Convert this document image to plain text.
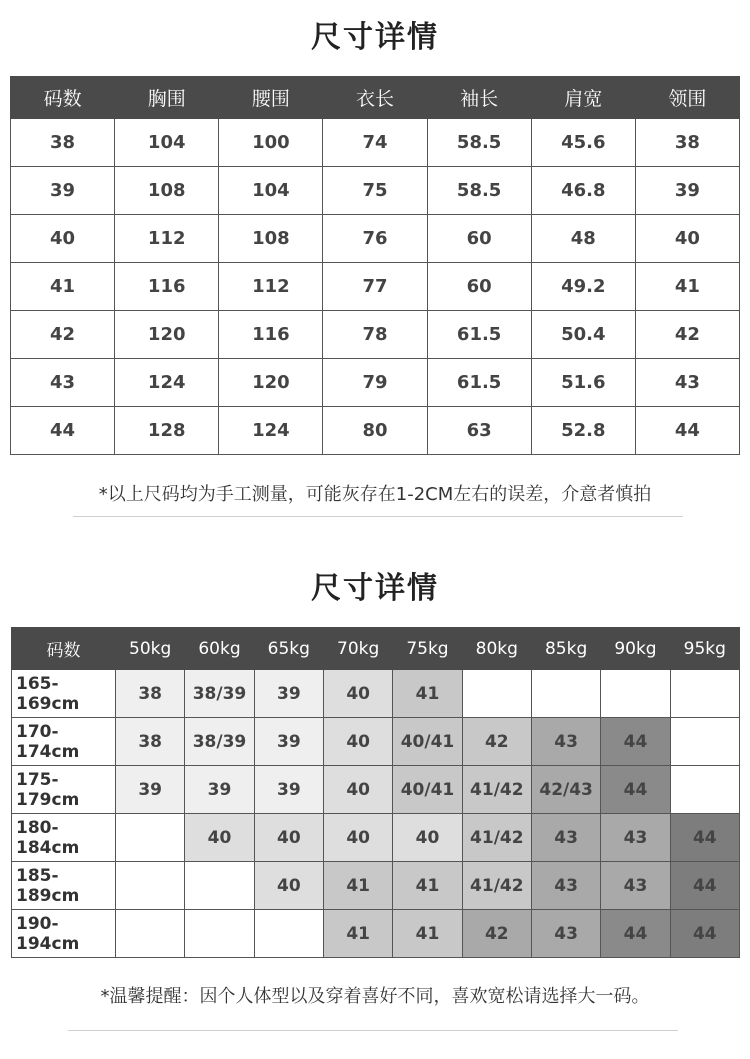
尺寸详情
码数	胸围	腰围	衣长	袖长	肩宽	领围
38	104	100	74	58.5	45.6	38
39	108	104	75	58.5	46.8	39
40	112	108	76	60	48	40
41	116	112	77	60	49.2	41
42	120	116	78	61.5	50.4	42
43	124	120	79	61.5	51.6	43
44	128	124	80	63	52.8	44
*以上尺码均为手工测量，可能灰存在1-2CM左右的误差，介意者慎拍
尺寸详情
码数	50kg	60kg	65kg	70kg	75kg	80kg	85kg	90kg	95kg
165-169cm	38	38/39	39	40	41				
170-174cm	38	38/39	39	40	40/41	42	43	44	
175-179cm	39	39	39	40	40/41	41/42	42/43	44	
180-184cm		40	40	40	40	41/42	43	43	44
185-189cm			40	41	41	41/42	43	43	44
190-194cm				41	41	42	43	44	44
*温馨提醒：因个人体型以及穿着喜好不同，喜欢宽松请选择大一码。
